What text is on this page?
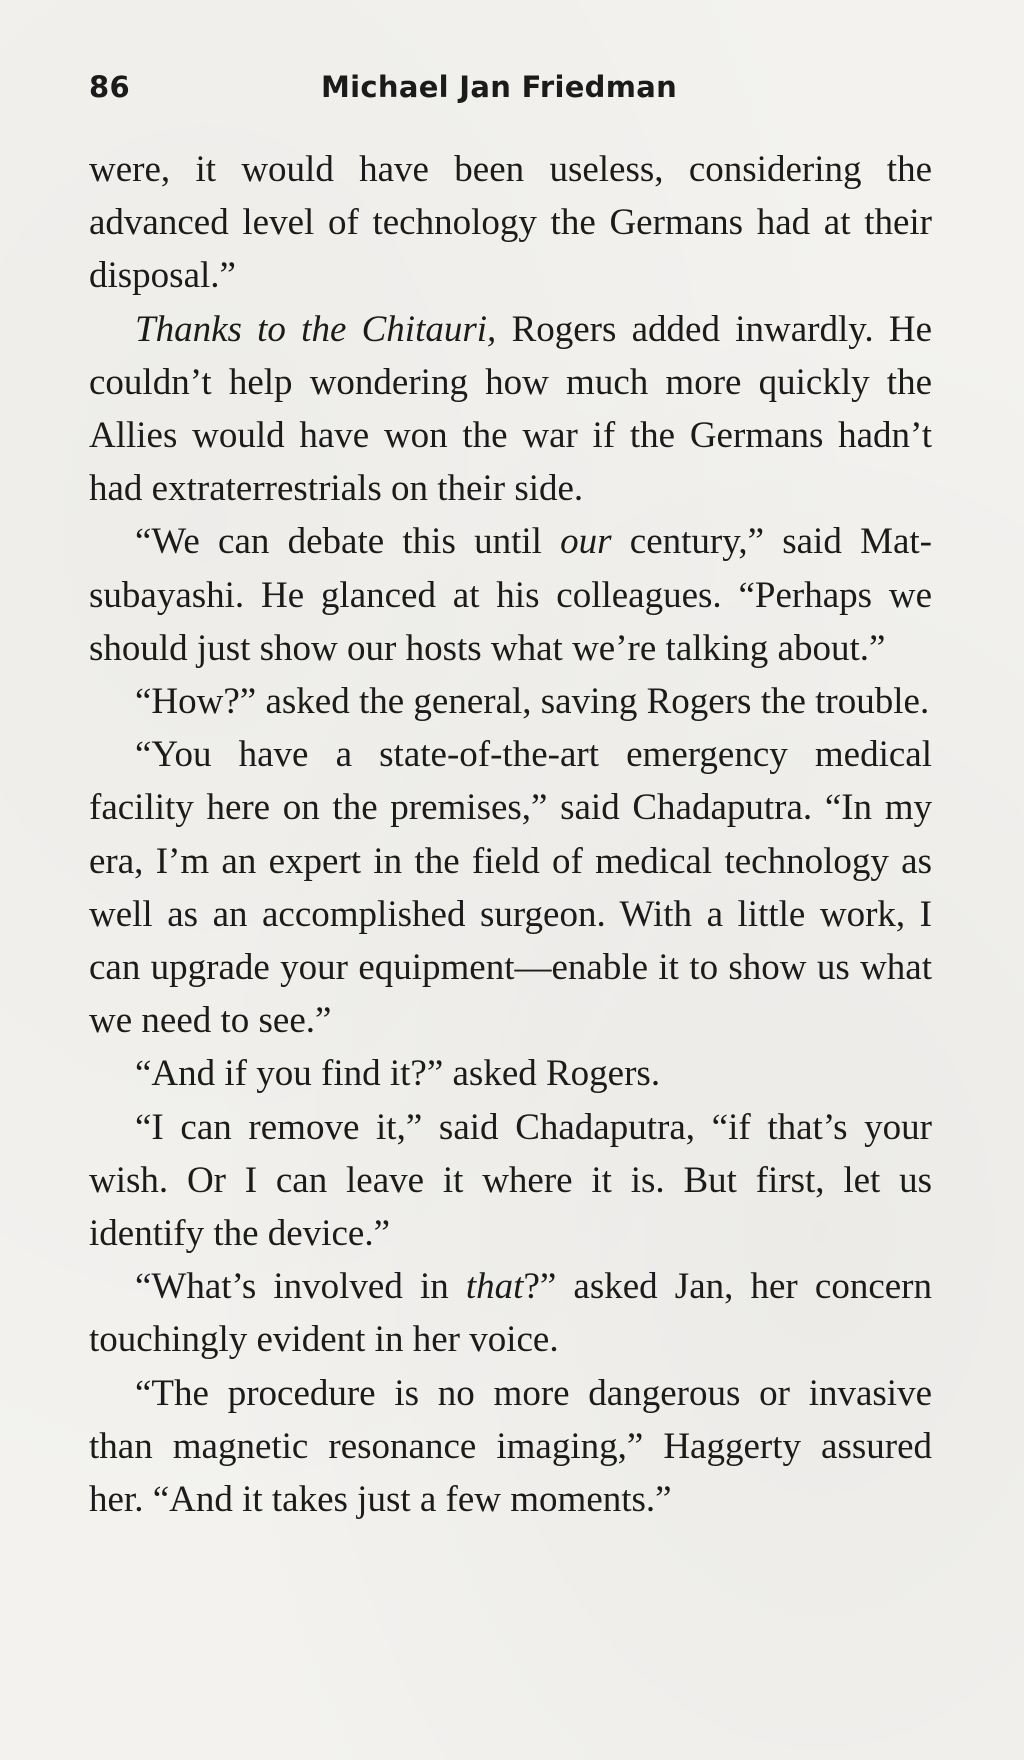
86	Michael Jan Friedman

were, it would have been useless, considering the advanced level of technology the Germans had at their disposal.”

Thanks to the Chitauri, Rogers added inwardly. He couldn’t help wondering how much more quickly the Allies would have won the war if the Germans hadn’t had extraterrestrials on their side.

“We can debate this until our century,” said Matsubayashi. He glanced at his colleagues. “Perhaps we should just show our hosts what we’re talking about.”

“How?” asked the general, saving Rogers the trouble.

“You have a state-of-the-art emergency medical facility here on the premises,” said Chadaputra. “In my era, I’m an expert in the field of medical technology as well as an accomplished surgeon. With a little work, I can upgrade your equipment—enable it to show us what we need to see.”

“And if you find it?” asked Rogers.

“I can remove it,” said Chadaputra, “if that’s your wish. Or I can leave it where it is. But first, let us identify the device.”

“What’s involved in that?” asked Jan, her concern touchingly evident in her voice.

“The procedure is no more dangerous or invasive than magnetic resonance imaging,” Haggerty assured her. “And it takes just a few moments.”
